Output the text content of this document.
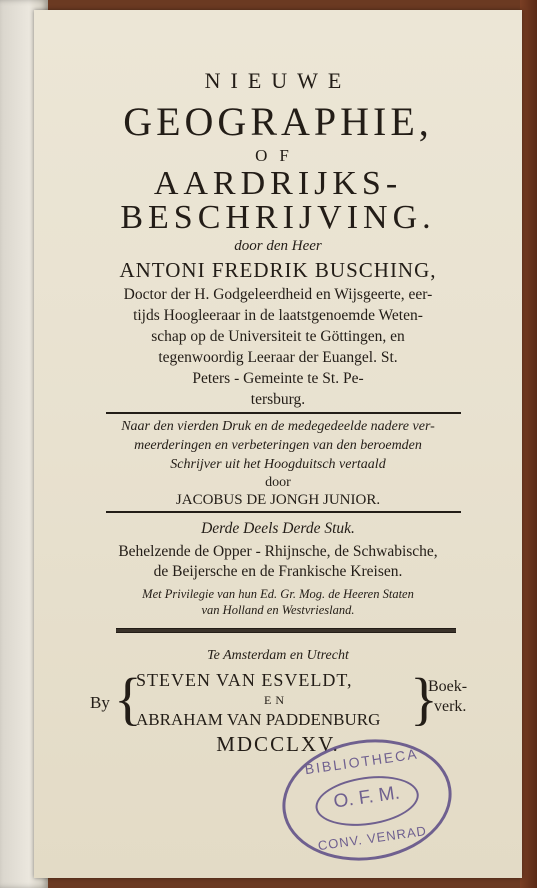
NIEUWE
GEOGRAPHIE,
OF
AARDRIJKS-
BESCHRIJVING.
door den Heer
ANTONI FREDRIK BUSCHING,
Doctor der H. Godgeleerdheid en Wijsgeerte, eer-
tijds Hoogleeraar in de laatstgenoemde Weten-
schap op de Universiteit te Göttingen, en
tegenwoordig Leeraar der Euangel. St.
Peters - Gemeinte te St. Pe-
tersburg.
Naar den vierden Druk en de medegedeelde nadere ver-
meerderingen en verbeteringen van den beroemden
Schrijver uit het Hoogduitsch vertaald
door
JACOBUS DE JONGH JUNIOR.
Derde Deels Derde Stuk.
Behelzende de Opper - Rhijnsche, de Schwabische,
de Beijersche en de Frankische Kreisen.
Met Privilegie van hun Ed. Gr. Mog. de Heeren Staten
van Holland en Westvriesland.
Te Amsterdam en Utrecht
By {
STEVEN VAN ESVELDT,
EN
ABRAHAM VAN PADDENBURG }
Boek-
verk.
MDCCLXV.
BIBLIOTHECA
O. F. M.
CONV. VENRAD
